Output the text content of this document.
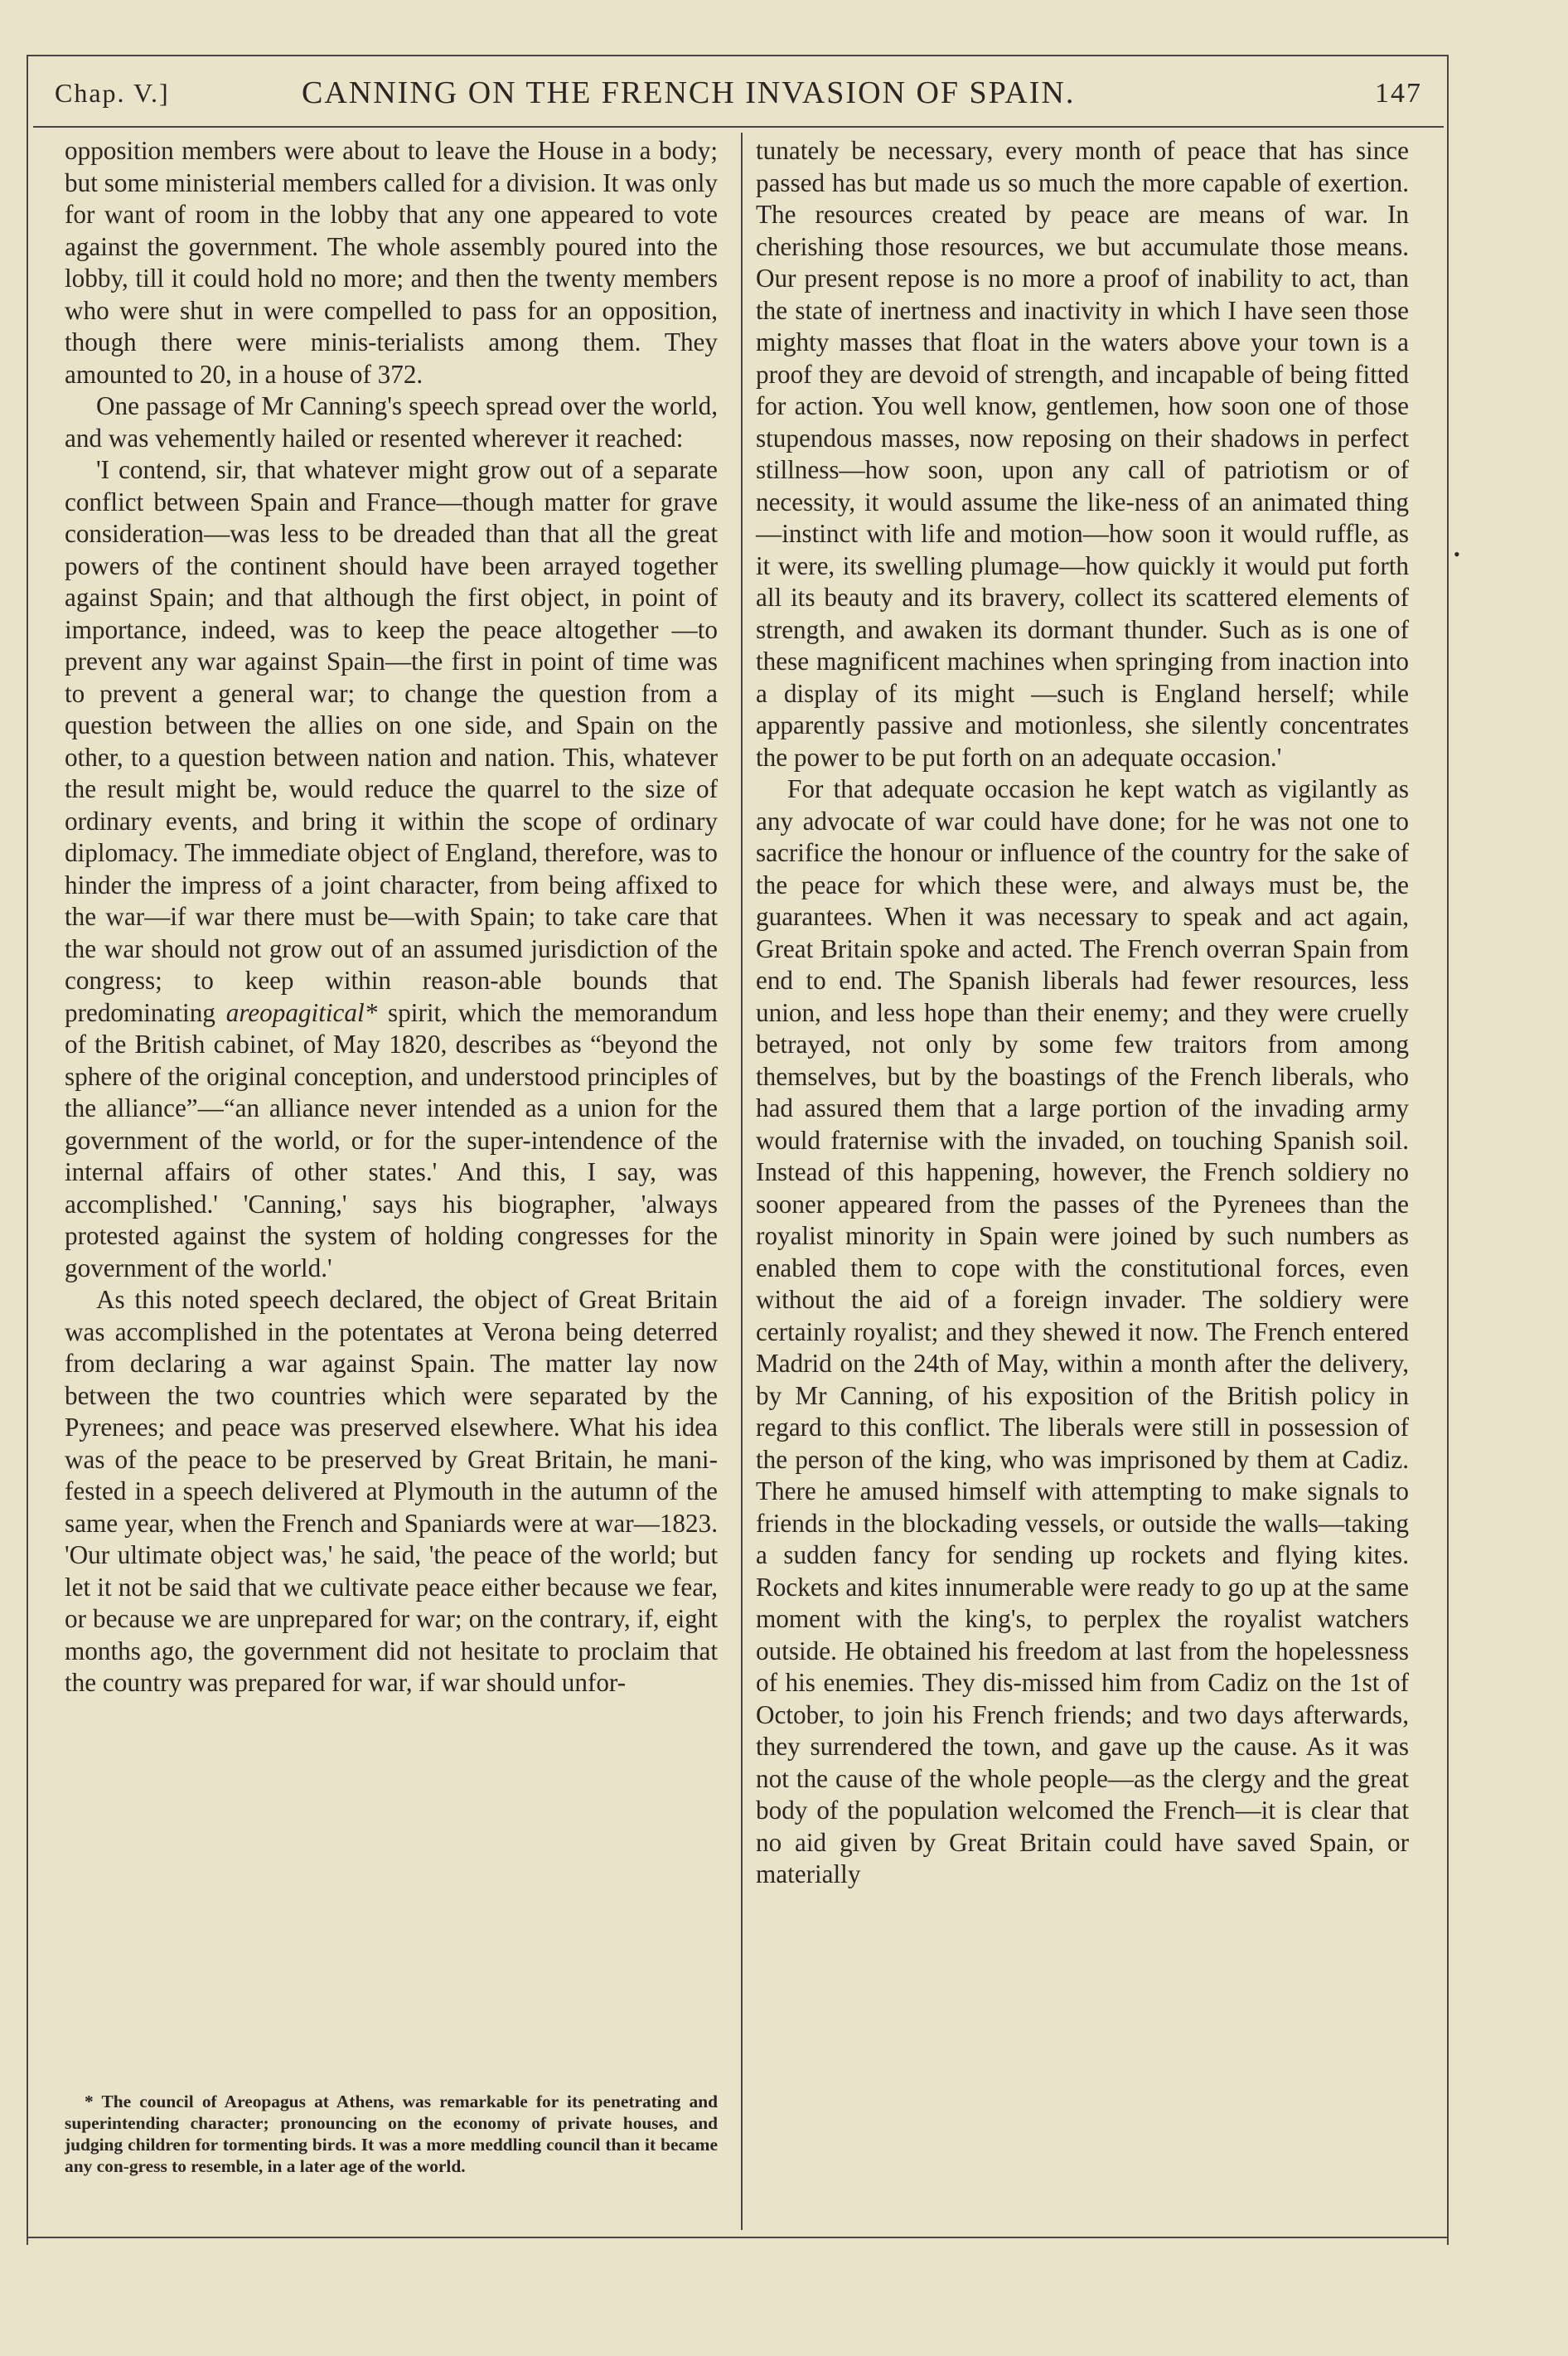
Chap. V.]	CANNING ON THE FRENCH INVASION OF SPAIN.	147

opposition members were about to leave the House in a body; but some ministerial members called for a division. It was only for want of room in the lobby that any one appeared to vote against the government. The whole assembly poured into the lobby, till it could hold no more; and then the twenty members who were shut in were compelled to pass for an opposition, though there were minis-terialists among them. They amounted to 20, in a house of 372.

One passage of Mr Canning's speech spread over the world, and was vehemently hailed or resented wherever it reached:

'I contend, sir, that whatever might grow out of a separate conflict between Spain and France—though matter for grave consideration—was less to be dreaded than that all the great powers of the continent should have been arrayed together against Spain; and that although the first object, in point of importance, indeed, was to keep the peace altogether —to prevent any war against Spain—the first in point of time was to prevent a general war; to change the question from a question between the allies on one side, and Spain on the other, to a question between nation and nation. This, whatever the result might be, would reduce the quarrel to the size of ordinary events, and bring it within the scope of ordinary diplomacy. The immediate object of England, therefore, was to hinder the impress of a joint character, from being affixed to the war—if war there must be—with Spain; to take care that the war should not grow out of an assumed jurisdiction of the congress; to keep within reason-able bounds that predominating areopagitical* spirit, which the memorandum of the British cabinet, of May 1820, describes as “beyond the sphere of the original conception, and understood principles of the alliance”—“an alliance never intended as a union for the government of the world, or for the super-intendence of the internal affairs of other states.' And this, I say, was accomplished.' 'Canning,' says his biographer, 'always protested against the system of holding congresses for the government of the world.'

As this noted speech declared, the object of Great Britain was accomplished in the potentates at Verona being deterred from declaring a war against Spain. The matter lay now between the two countries which were separated by the Pyrenees; and peace was preserved elsewhere. What his idea was of the peace to be preserved by Great Britain, he mani-fested in a speech delivered at Plymouth in the autumn of the same year, when the French and Spaniards were at war—1823. 'Our ultimate object was,' he said, 'the peace of the world; but let it not be said that we cultivate peace either because we fear, or because we are unprepared for war; on the contrary, if, eight months ago, the government did not hesitate to proclaim that the country was prepared for war, if war should unfor-

tunately be necessary, every month of peace that has since passed has but made us so much the more capable of exertion. The resources created by peace are means of war. In cherishing those resources, we but accumulate those means. Our present repose is no more a proof of inability to act, than the state of inertness and inactivity in which I have seen those mighty masses that float in the waters above your town is a proof they are devoid of strength, and incapable of being fitted for action. You well know, gentlemen, how soon one of those stupendous masses, now reposing on their shadows in perfect stillness—how soon, upon any call of patriotism or of necessity, it would assume the like-ness of an animated thing—instinct with life and motion—how soon it would ruffle, as it were, its swelling plumage—how quickly it would put forth all its beauty and its bravery, collect its scattered elements of strength, and awaken its dormant thunder. Such as is one of these magnificent machines when springing from inaction into a display of its might —such is England herself; while apparently passive and motionless, she silently concentrates the power to be put forth on an adequate occasion.'

For that adequate occasion he kept watch as vigilantly as any advocate of war could have done; for he was not one to sacrifice the honour or influence of the country for the sake of the peace for which these were, and always must be, the guarantees. When it was necessary to speak and act again, Great Britain spoke and acted. The French overran Spain from end to end. The Spanish liberals had fewer resources, less union, and less hope than their enemy; and they were cruelly betrayed, not only by some few traitors from among themselves, but by the boastings of the French liberals, who had assured them that a large portion of the invading army would fraternise with the invaded, on touching Spanish soil. Instead of this happening, however, the French soldiery no sooner appeared from the passes of the Pyrenees than the royalist minority in Spain were joined by such numbers as enabled them to cope with the constitutional forces, even without the aid of a foreign invader. The soldiery were certainly royalist; and they shewed it now. The French entered Madrid on the 24th of May, within a month after the delivery, by Mr Canning, of his exposition of the British policy in regard to this conflict. The liberals were still in possession of the person of the king, who was imprisoned by them at Cadiz. There he amused himself with attempting to make signals to friends in the blockading vessels, or outside the walls—taking a sudden fancy for sending up rockets and flying kites. Rockets and kites innumerable were ready to go up at the same moment with the king's, to perplex the royalist watchers outside. He obtained his freedom at last from the hopelessness of his enemies. They dis-missed him from Cadiz on the 1st of October, to join his French friends; and two days afterwards, they surrendered the town, and gave up the cause. As it was not the cause of the whole people—as the clergy and the great body of the population welcomed the French—it is clear that no aid given by Great Britain could have saved Spain, or materially

* The council of Areopagus at Athens, was remarkable for its penetrating and superintending character; pronouncing on the economy of private houses, and judging children for tormenting birds. It was a more meddling council than it became any con-gress to resemble, in a later age of the world.

•
